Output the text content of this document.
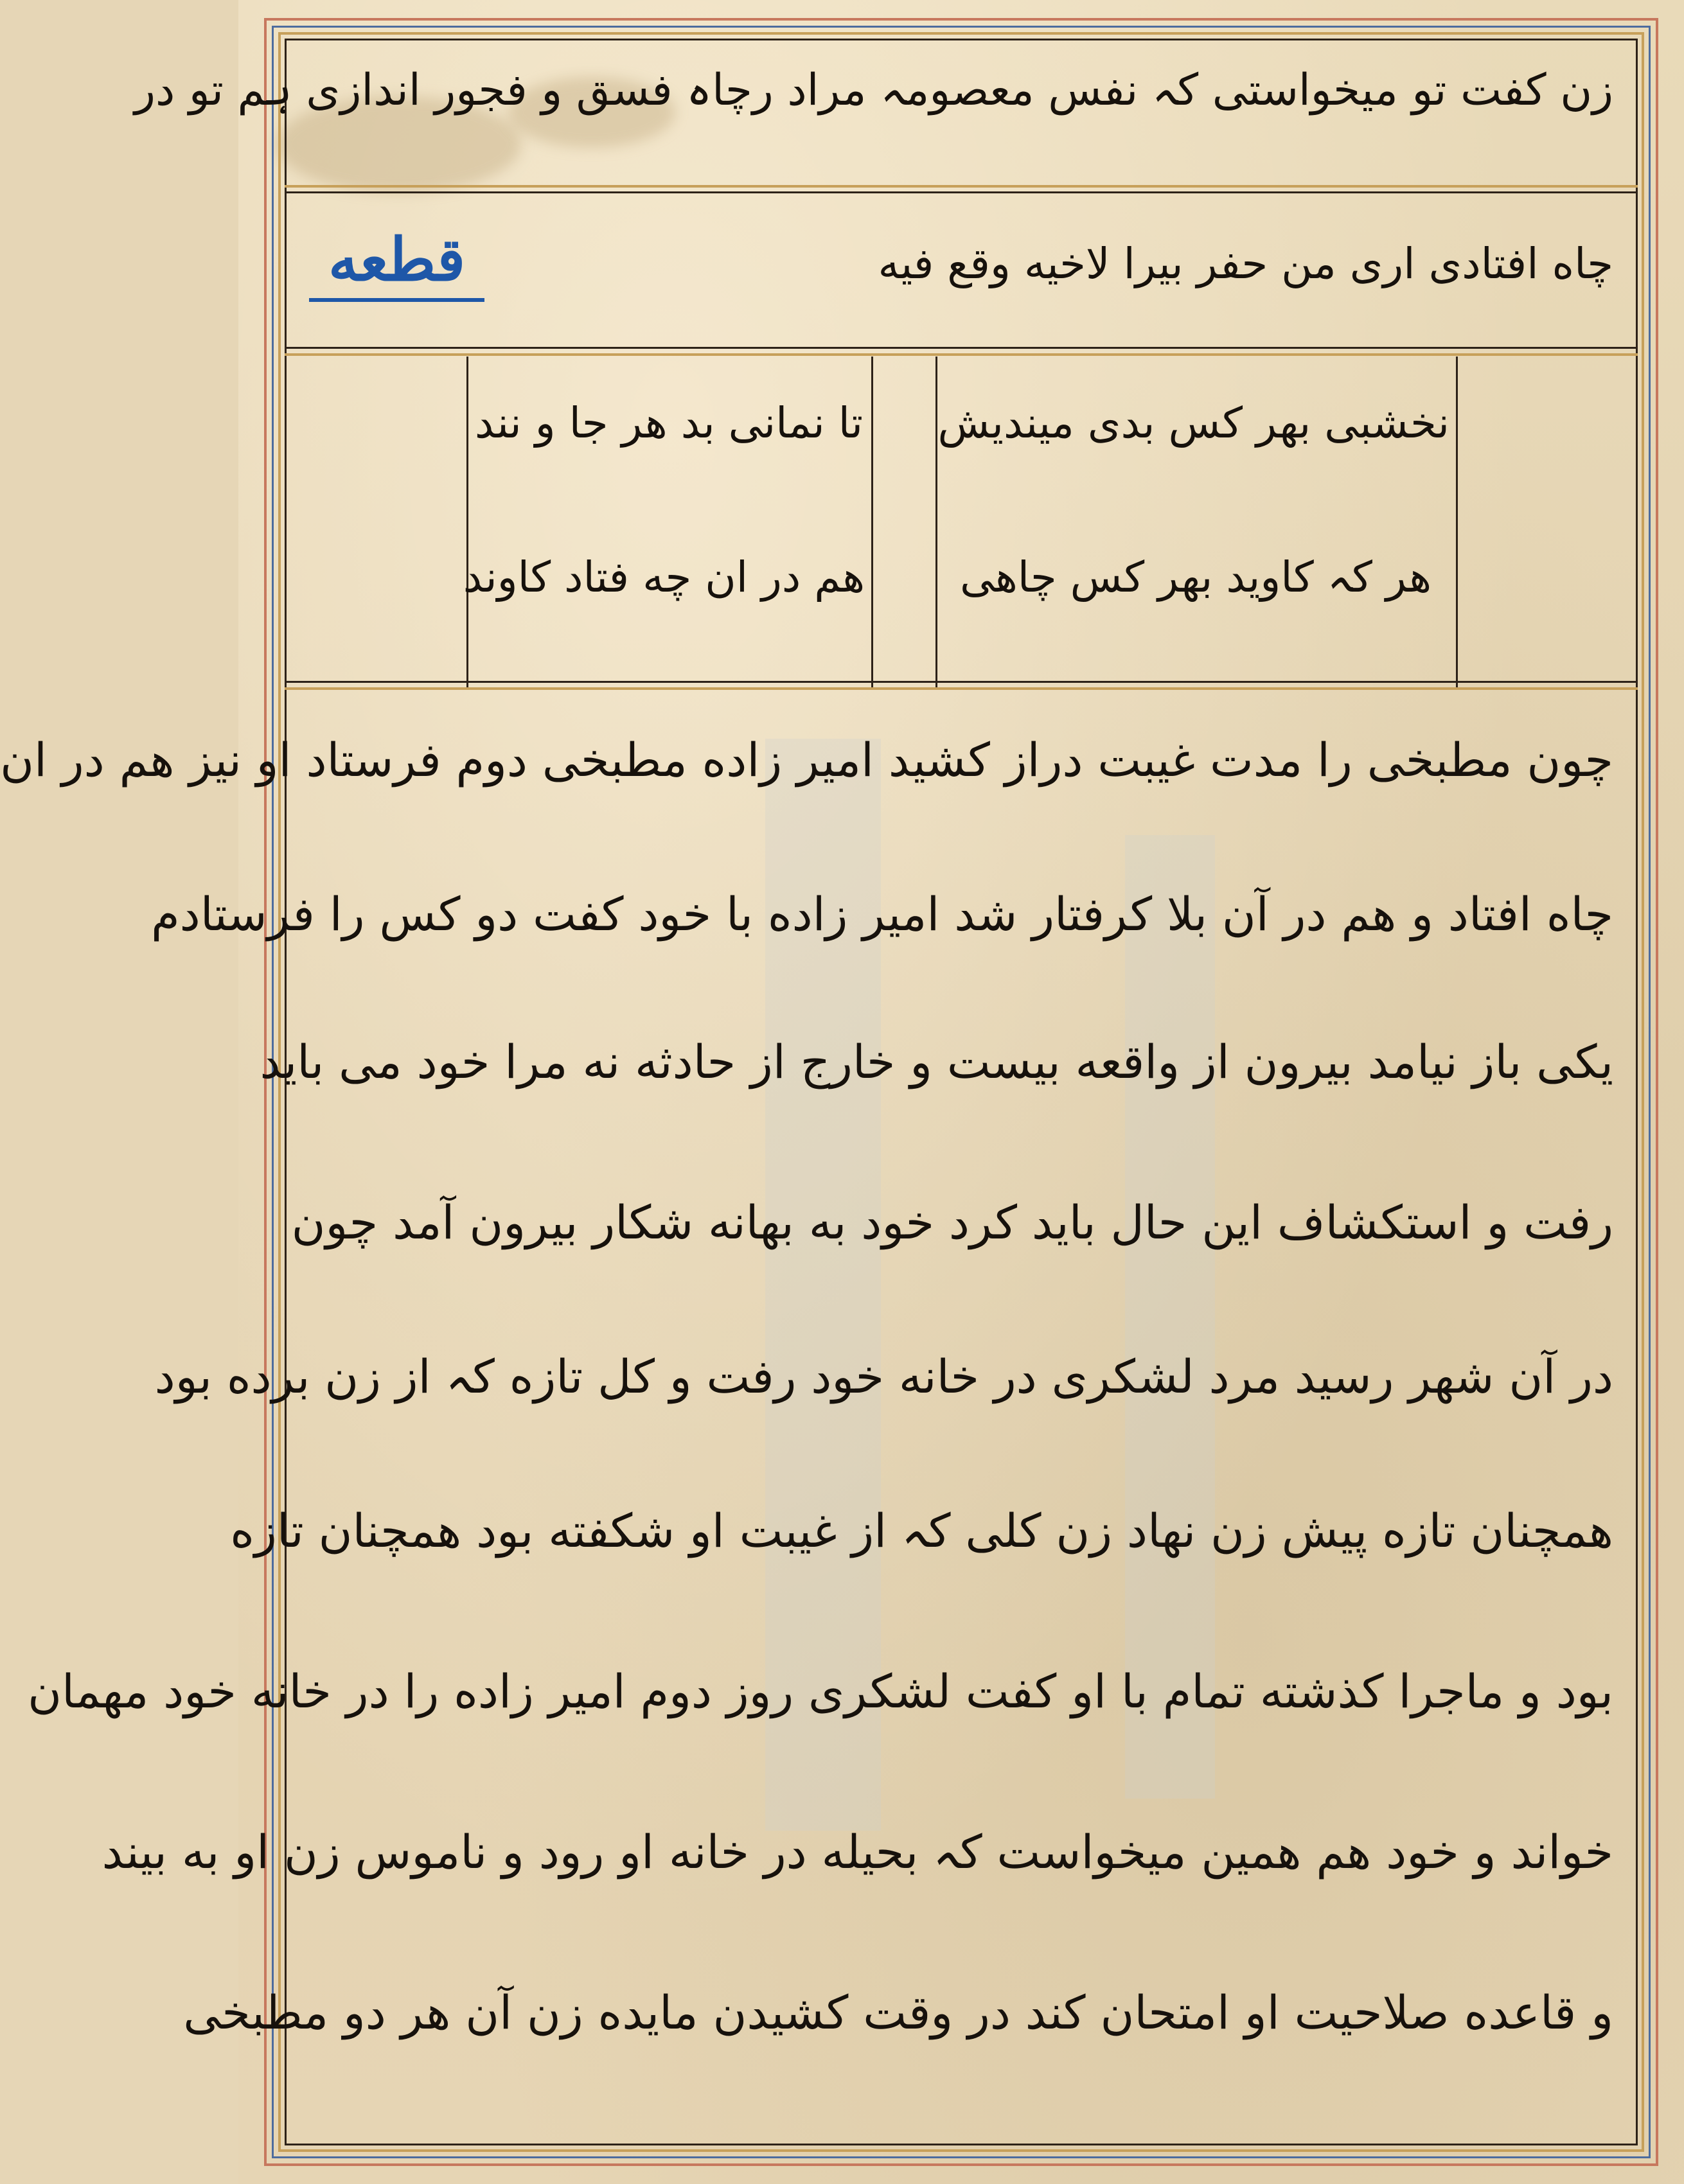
زن کفت تو میخواستی کہ نفس معصومہ مراد رچاہ فسق و فجور اندازی ہم تو در
چاه افتادی اری من حفر بیرا لاخیه وقع فیه
قطعه
نخشبی بهر کس بدی میندیش
هر کہ کاوید بهر کس چاهی
تا نمانی بد هر جا و نند
هم در ان چه فتاد کاوند
چون مطبخی را مدت غیبت دراز کشید امیر زاده مطبخی دوم فرستاد او نیز هم در ان
چاه افتاد و هم در آن بلا کرفتار شد امیر زاده با خود کفت دو کس را فرستادم
یکی باز نیامد بیرون از واقعه بیست و خارج از حادثه نه مرا خود می باید
رفت و استکشاف این حال باید کرد خود به بهانه شکار بیرون آمد چون
در آن شهر رسید مرد لشکری در خانه خود رفت و کل تازه کہ از زن برده بود
همچنان تازه پیش زن نهاد زن کلی کہ از غیبت او شکفته بود همچنان تازه
بود و ماجرا کذشته تمام با او کفت لشکری روز دوم امیر زاده را در خانه خود مهمان
خواند و خود هم همین میخواست کہ بحیله در خانه او رود و ناموس زن او به بیند
و قاعده صلاحیت او امتحان کند در وقت کشیدن مایده زن آن هر دو مطبخی
